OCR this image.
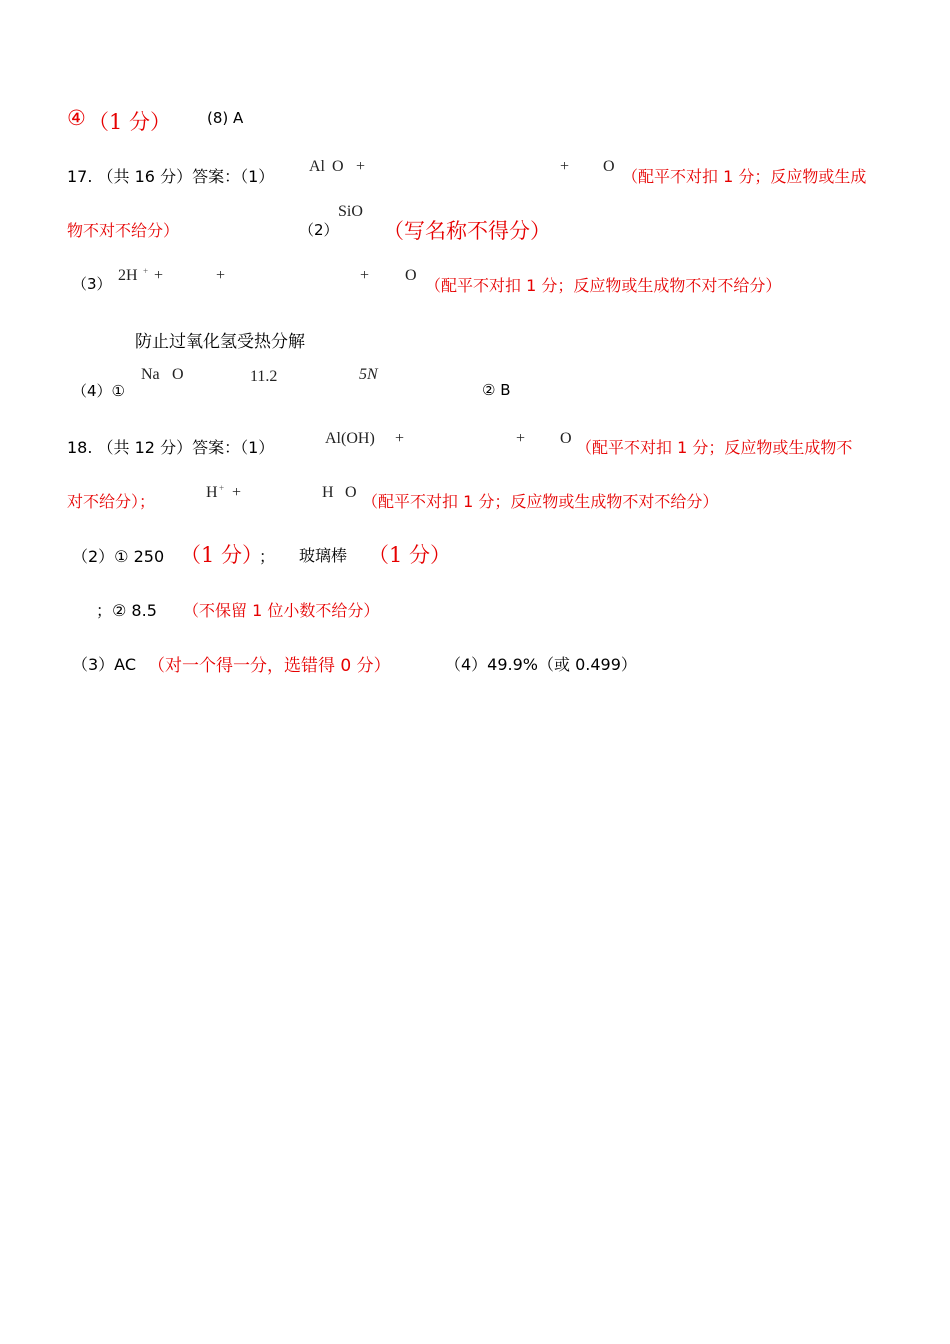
④ （1 分） (8) A
17. （共 16 分）答案：（1）
Al O +	+ O
（配平不对扣 1 分；反应物或生成
物不对不给分）	（2）
SiO
（写名称不得分）
（3） 2H + +	+	+ O
（配平不对扣 1 分；反应物或生成物不对不给分）
防止过氧化氢受热分解
（4）①
Na O	11.2	5N
② B
18. （共 12 分）答案：（1）	Al(OH) +	+ O （配平不对扣 1 分；反应物或生成物不
对不给分）；	H + +	H O （配平不对扣 1 分；反应物或生成物不对不给分）
（2）① 250 （1 分）
； 玻璃棒 （1 分）
；② 8.5 （不保留 1 位小数不给分）
（3）AC （对一个得一分，选错得 0 分）	（4）49.9%（或 0.499）
